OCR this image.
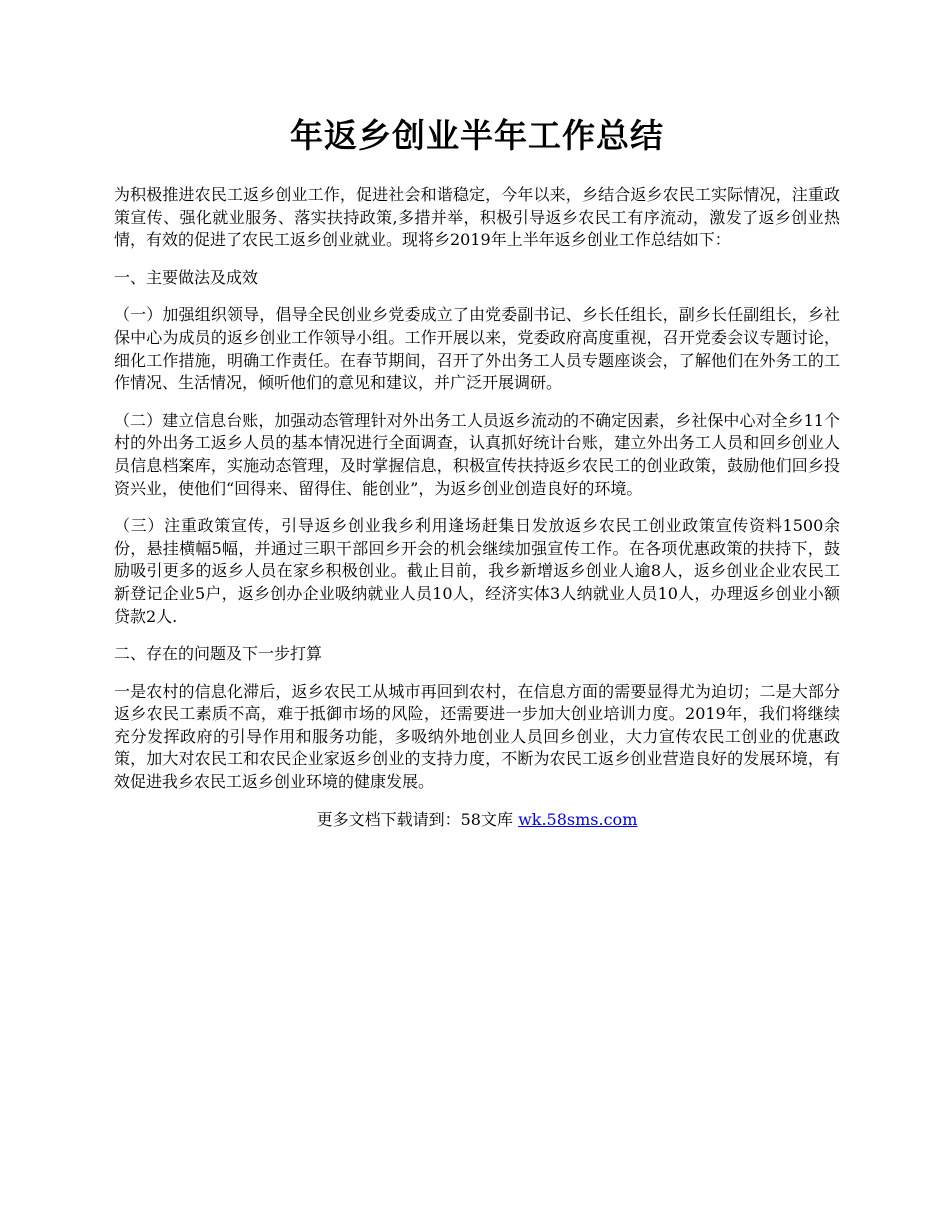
年返乡创业半年工作总结

为积极推进农民工返乡创业工作，促进社会和谐稳定，今年以来，乡结合返乡农民工实际情况，注重政策宣传、强化就业服务、落实扶持政策,多措并举，积极引导返乡农民工有序流动，激发了返乡创业热情，有效的促进了农民工返乡创业就业。现将乡2019年上半年返乡创业工作总结如下：

一、主要做法及成效

（一）加强组织领导，倡导全民创业乡党委成立了由党委副书记、乡长任组长，副乡长任副组长，乡社保中心为成员的返乡创业工作领导小组。工作开展以来，党委政府高度重视，召开党委会议专题讨论，细化工作措施，明确工作责任。在春节期间，召开了外出务工人员专题座谈会，了解他们在外务工的工作情况、生活情况，倾听他们的意见和建议，并广泛开展调研。

（二）建立信息台账，加强动态管理针对外出务工人员返乡流动的不确定因素，乡社保中心对全乡11个村的外出务工返乡人员的基本情况进行全面调查，认真抓好统计台账，建立外出务工人员和回乡创业人员信息档案库，实施动态管理，及时掌握信息，积极宣传扶持返乡农民工的创业政策，鼓励他们回乡投资兴业，使他们“回得来、留得住、能创业”，为返乡创业创造良好的环境。

（三）注重政策宣传，引导返乡创业我乡利用逢场赶集日发放返乡农民工创业政策宣传资料1500余份，悬挂横幅5幅，并通过三职干部回乡开会的机会继续加强宣传工作。在各项优惠政策的扶持下，鼓励吸引更多的返乡人员在家乡积极创业。截止目前，我乡新增返乡创业人逾8人，返乡创业企业农民工新登记企业5户，返乡创办企业吸纳就业人员10人，经济实体3人纳就业人员10人，办理返乡创业小额贷款2人.

二、存在的问题及下一步打算

一是农村的信息化滞后，返乡农民工从城市再回到农村，在信息方面的需要显得尤为迫切；二是大部分返乡农民工素质不高，难于抵御市场的风险，还需要进一步加大创业培训力度。2019年，我们将继续充分发挥政府的引导作用和服务功能，多吸纳外地创业人员回乡创业，大力宣传农民工创业的优惠政策，加大对农民工和农民企业家返乡创业的支持力度，不断为农民工返乡创业营造良好的发展环境，有效促进我乡农民工返乡创业环境的健康发展。

更多文档下载请到：58文库 wk.58sms.com
